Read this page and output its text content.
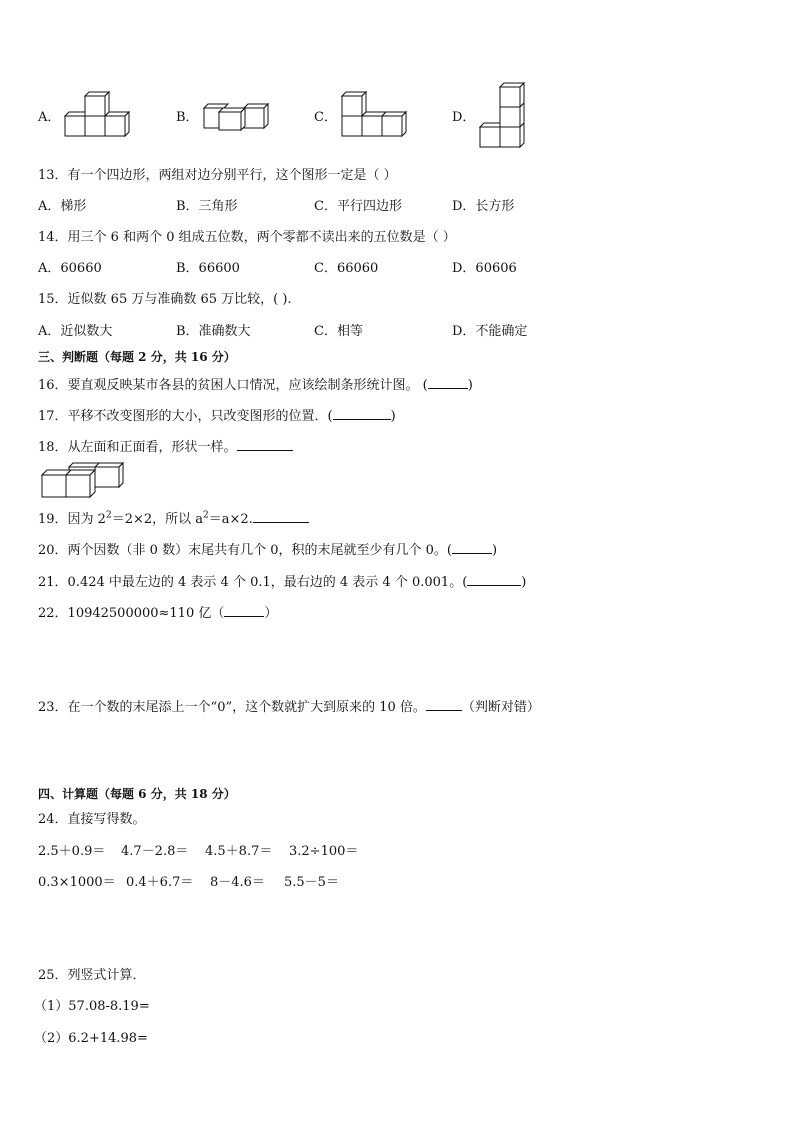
A．	B．	C．	D．
13．有一个四边形，两组对边分别平行，这个图形一定是（ ）
A．梯形	B．三角形	C．平行四边形	D．长方形
14．用三个 6 和两个 0 组成五位数，两个零都不读出来的五位数是（ ）
A．60660	B．66600	C．66060	D．60606
15．近似数 65 万与准确数 65 万比较，( ).
A．近似数大	B．准确数大	C．相等	D．不能确定
三、判断题（每题 2 分，共 16 分）
16．要直观反映某市各县的贫困人口情况，应该绘制条形统计图。 (	)
17．平移不改变图形的大小，只改变图形的位置．(	)
18．从左面和正面看，形状一样。
19．因为 $2^2=2\times 2$，所以 $a^2=a\times 2$.
20．两个因数（非 0 数）末尾共有几个 0，积的末尾就至少有几个 0。(	)
21．0.424 中最左边的 4 表示 4 个 0.1，最右边的 4 表示 4 个 0.001。(	)
22．10942500000≈110 亿（	）
23．在一个数的末尾添上一个“0”，这个数就扩大到原来的 10 倍。	（判断对错）
四、计算题（每题 6 分，共 18 分）
24．直接写得数。
2.5＋0.9＝ 4.7－2.8＝ 4.5＋8.7＝ 3.2÷100＝
0.3×1000＝ 0.4＋6.7＝ 8－4.6＝ 5.5－5＝
25．列竖式计算．
（1）57.08-8.19=
（2）6.2+14.98=
